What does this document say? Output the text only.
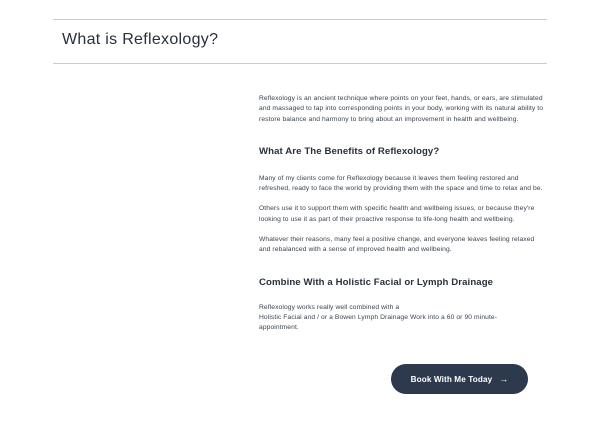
What is Reflexology?

Reflexology is an ancient technique where points on your feet, hands, or ears, are stimulated and massaged to tap into corresponding points in your body, working with its natural ability to restore balance and harmony to bring about an improvement in health and wellbeing.

What Are The Benefits of Reflexology?

Many of my clients come for Reflexology because it leaves them feeling restored and refreshed, ready to face the world by providing them with the space and time to relax and be.

Others use it to support them with specific health and wellbeing issues, or because they're looking to use it as part of their proactive response to life-long health and wellbeing.

Whatever their reasons, many feel a positive change, and everyone leaves feeling relaxed and rebalanced with a sense of improved health and wellbeing.

Combine With a Holistic Facial or Lymph Drainage

Reflexology works really well combined with a
Holistic Facial and / or a Bowen Lymph Drainage Work into a 60 or 90 minute-
appointment.

Book With Me Today →
